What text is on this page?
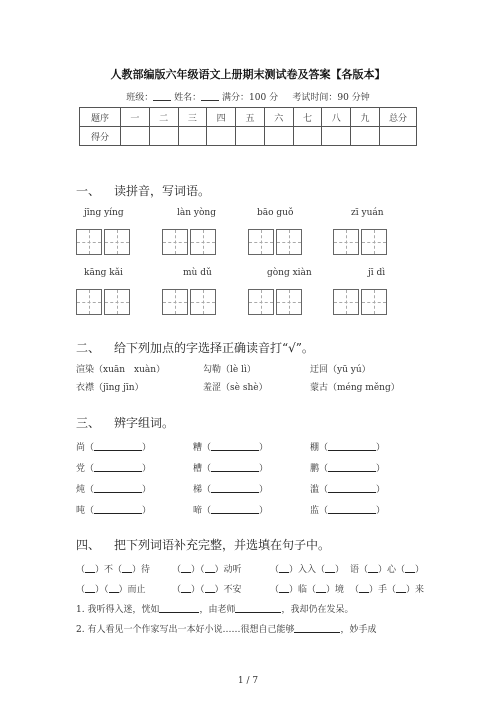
人教部编版六年级语文上册期末测试卷及答案【各版本】
班级： 姓名： 满分：100 分 考试时间：90 分钟
题序	一	二	三	四	五	六	七	八	九	总分
得分										
一、 读拼音，写词语。
jīng yíng	làn yòng	bāo guǒ	zī yuán
kāng kǎi	mù dǔ	gòng xiàn	jī dì
二、 给下列加点的字选择正确读音打“√”。
渲染（xuān　xuàn）	勾勒（lè lì）	迂回（yū yú）
衣襟（jīng jīn）	羞涩（sè shè）	蒙古（méng měng）
三、 辨字组词。
尚（	）	糟（	）	棚（	）
党（	）	槽（	）	鹏（	）
炖（	）	梯（	）	滥（	）
吨（	）	啼（	）	监（	）
四、 把下列词语补充完整，并选填在句子中。
（ ）不（ ）待 （ ）（ ）动听	（ ）入入（ ） 语（ ）心（ ）
（ ）（ ）而止	（ ）（ ）不安	（ ）临（ ）境 （ ）手（ ）来
1. 我听得入迷，恍如	，由老师	，我却仍在发呆。
2. 有人看见一个作家写出一本好小说……很想自己能够	，妙手成
1 / 7
